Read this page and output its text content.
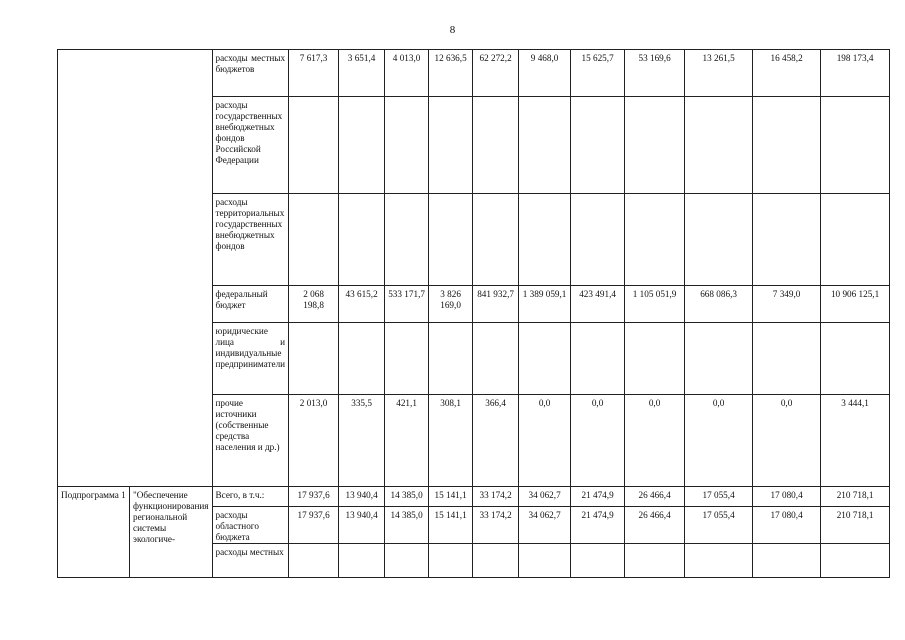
8
		расходы местных бюджетов	7 617,3	3 651,4	4 013,0	12 636,5	62 272,2	9 468,0	15 625,7	53 169,6	13 261,5	16 458,2	198 173,4
		расходы государственных внебюджетных фондов Российской Федерации											
		расходы территориальных государственных внебюджетных фондов											
		федеральный бюджет	2 068 198,8	43 615,2	533 171,7	3 826 169,0	841 932,7	1 389 059,1	423 491,4	1 105 051,9	668 086,3	7 349,0	10 906 125,1
		юридические лица и индивидуальные предприниматели											
		прочие источники (собственные средства населения и др.)	2 013,0	335,5	421,1	308,1	366,4	0,0	0,0	0,0	0,0	0,0	3 444,1
Подпрограмма 1	"Обеспечение функционирования региональной системы экологиче-	Всего, в т.ч.:	17 937,6	13 940,4	14 385,0	15 141,1	33 174,2	34 062,7	21 474,9	26 466,4	17 055,4	17 080,4	210 718,1
		расходы областного бюджета	17 937,6	13 940,4	14 385,0	15 141,1	33 174,2	34 062,7	21 474,9	26 466,4	17 055,4	17 080,4	210 718,1
		расходы местных											
